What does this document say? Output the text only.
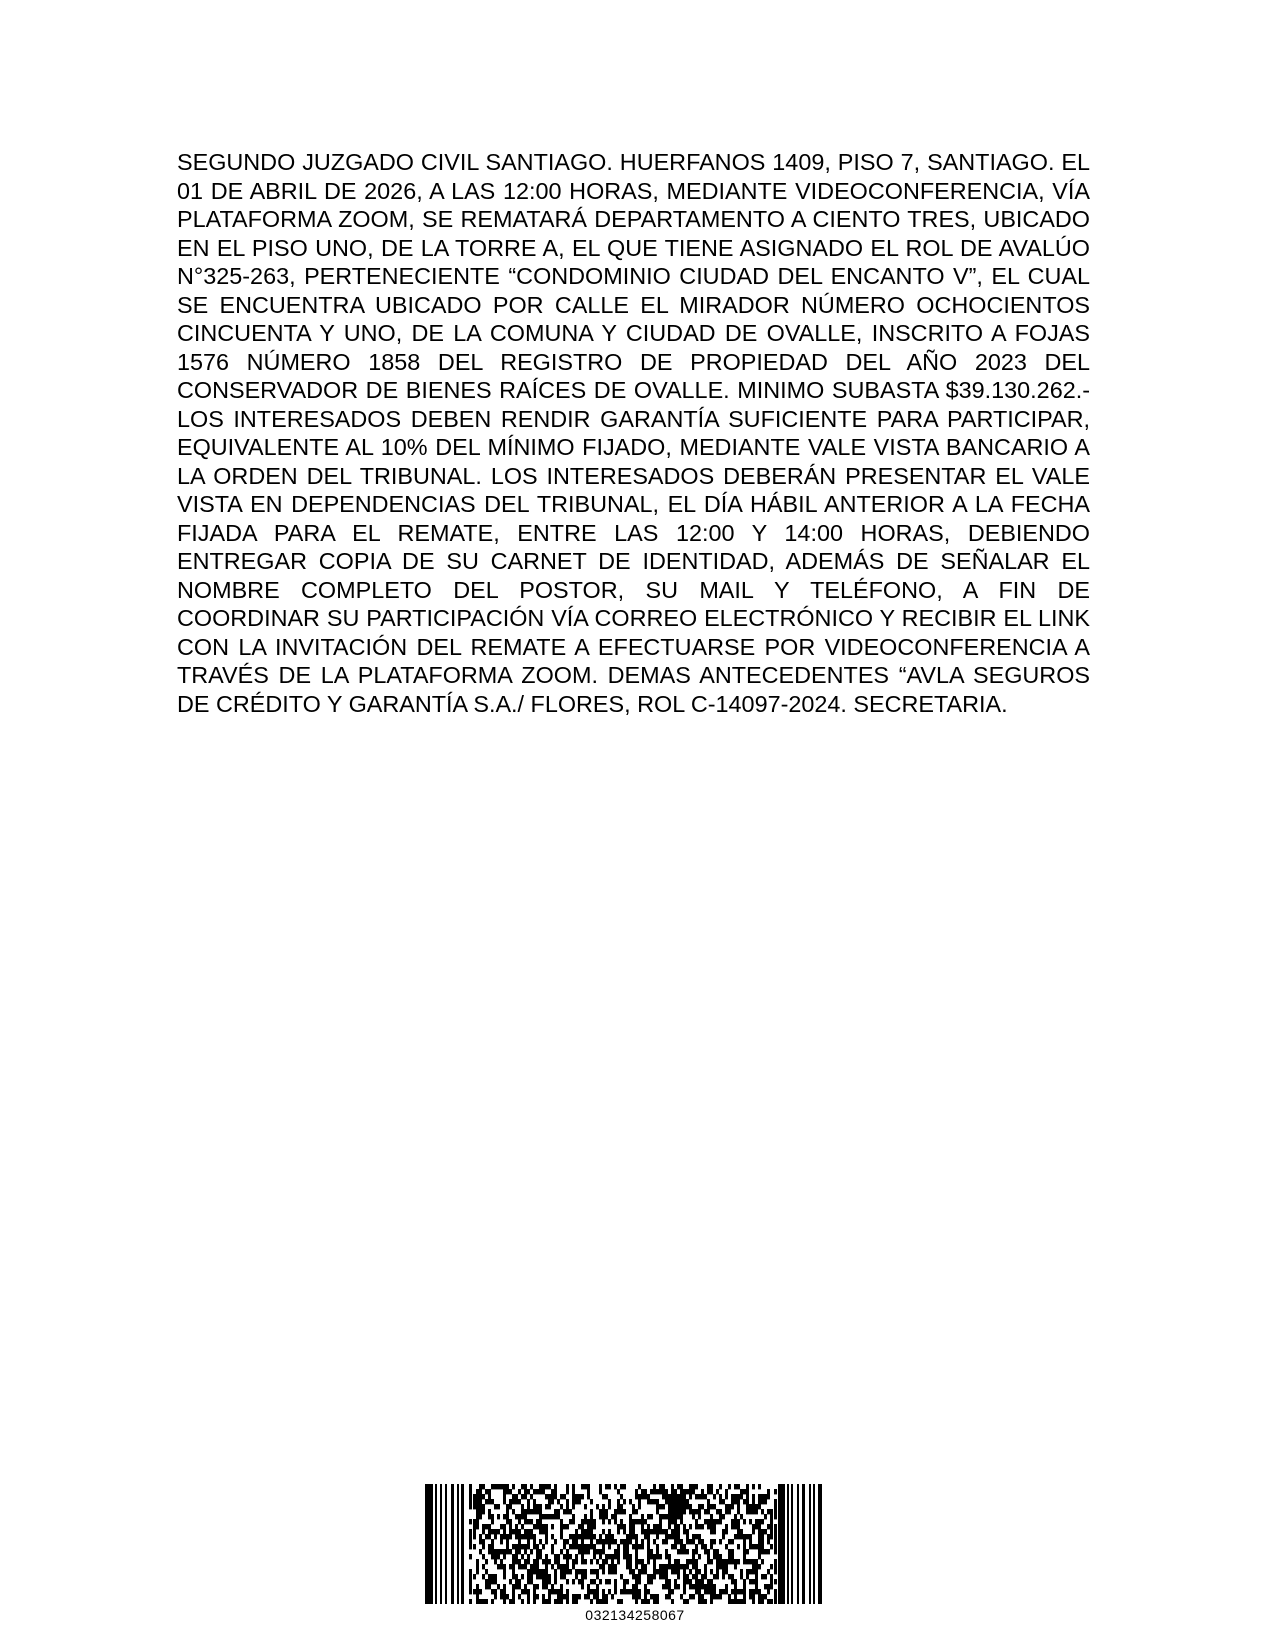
SEGUNDO JUZGADO CIVIL SANTIAGO. HUERFANOS 1409, PISO 7, SANTIAGO. EL 01 DE ABRIL DE 2026, A LAS 12:00 HORAS, MEDIANTE VIDEOCONFERENCIA, VÍA PLATAFORMA ZOOM, SE REMATARÁ DEPARTAMENTO A CIENTO TRES, UBICADO EN EL PISO UNO, DE LA TORRE A, EL QUE TIENE ASIGNADO EL ROL DE AVALÚO N°325-263, PERTENECIENTE “CONDOMINIO CIUDAD DEL ENCANTO V”, EL CUAL SE ENCUENTRA UBICADO POR CALLE EL MIRADOR NÚMERO OCHOCIENTOS CINCUENTA Y UNO, DE LA COMUNA Y CIUDAD DE OVALLE, INSCRITO A FOJAS 1576 NÚMERO 1858 DEL REGISTRO DE PROPIEDAD DEL AÑO 2023 DEL CONSERVADOR DE BIENES RAÍCES DE OVALLE. MINIMO SUBASTA $39.130.262.- LOS INTERESADOS DEBEN RENDIR GARANTÍA SUFICIENTE PARA PARTICIPAR, EQUIVALENTE AL 10% DEL MÍNIMO FIJADO, MEDIANTE VALE VISTA BANCARIO A LA ORDEN DEL TRIBUNAL. LOS INTERESADOS DEBERÁN PRESENTAR EL VALE VISTA EN DEPENDENCIAS DEL TRIBUNAL, EL DÍA HÁBIL ANTERIOR A LA FECHA FIJADA PARA EL REMATE, ENTRE LAS 12:00 Y 14:00 HORAS, DEBIENDO ENTREGAR COPIA DE SU CARNET DE IDENTIDAD, ADEMÁS DE SEÑALAR EL NOMBRE COMPLETO DEL POSTOR, SU MAIL Y TELÉFONO, A FIN DE COORDINAR SU PARTICIPACIÓN VÍA CORREO ELECTRÓNICO Y RECIBIR EL LINK CON LA INVITACIÓN DEL REMATE A EFECTUARSE POR VIDEOCONFERENCIA A TRAVÉS DE LA PLATAFORMA ZOOM. DEMAS ANTECEDENTES “AVLA SEGUROS DE CRÉDITO Y GARANTÍA S.A./ FLORES, ROL C-14097-2024. SECRETARIA.

032134258067
